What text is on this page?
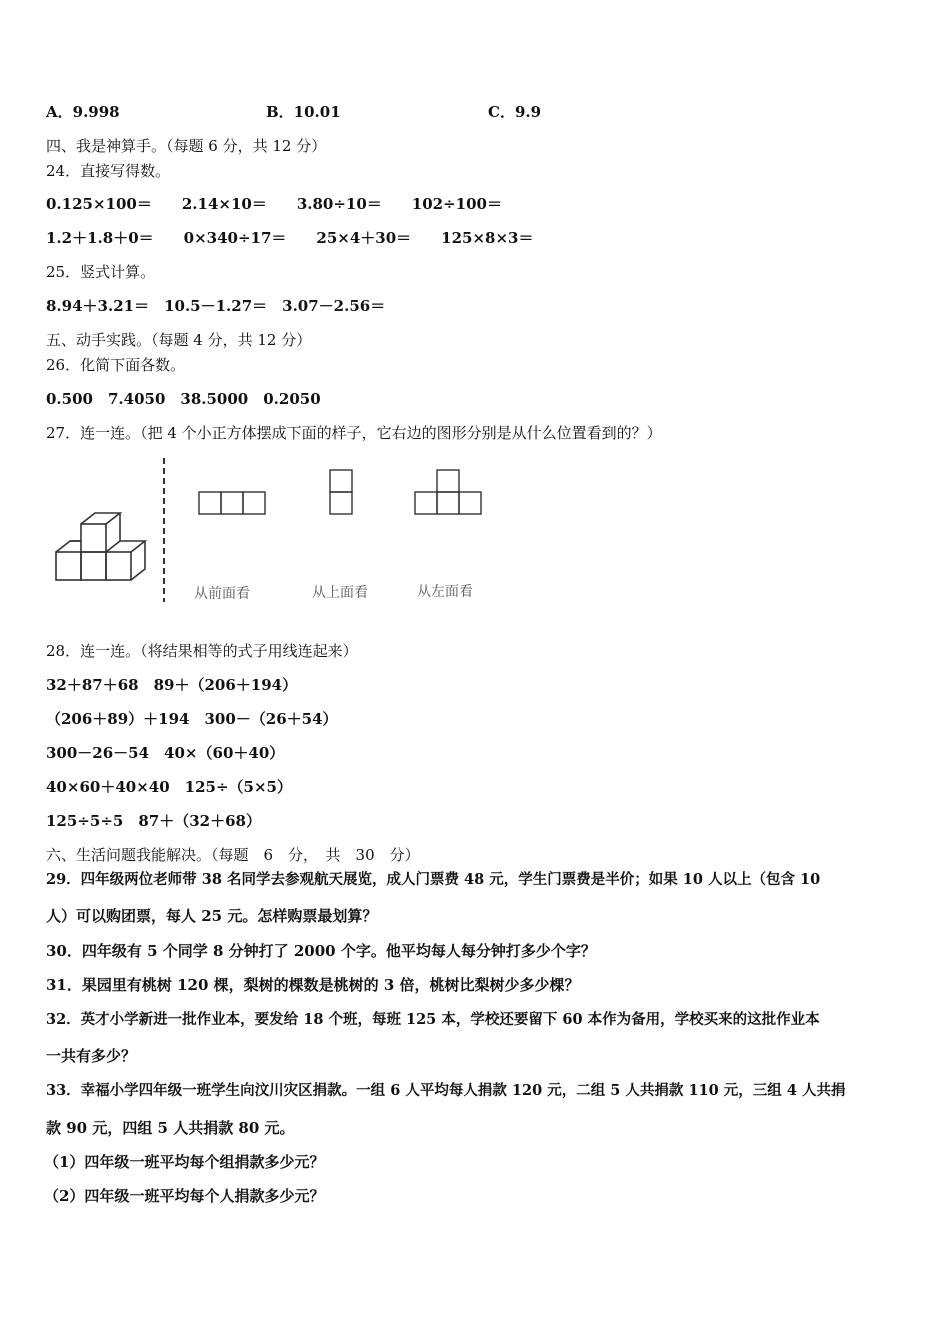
A．9.998	B．10.01	C．9.9
四、我是神算手。（每题 6 分，共 12 分）
24．直接写得数。
0.125×100＝　　2.14×10＝　　3.80÷10＝　　102÷100＝
1.2＋1.8＋0＝　　0×340÷17＝　　25×4＋30＝　　125×8×3＝
25．竖式计算。
8.94＋3.21＝　10.5－1.27＝　3.07－2.56＝
五、动手实践。（每题 4 分，共 12 分）
26．化简下面各数。
0.500　7.4050　38.5000　0.2050
27．连一连。（把 4 个小正方体摆成下面的样子，它右边的图形分别是从什么位置看到的？）
从前面看	从上面看	从左面看
28．连一连。（将结果相等的式子用线连起来）
32＋87＋68　89＋（206＋194）
（206＋89）＋194　300－（26＋54）
300－26－54　40×（60＋40）
40×60＋40×40　125÷（5×5）
125÷5÷5　87＋（32＋68）
六、生活问题我能解决。（每题　6　分，　共　30　分）
29．四年级两位老师带 38 名同学去参观航天展览，成人门票费 48 元，学生门票费是半价；如果 10 人以上（包含 10
人）可以购团票，每人 25 元。怎样购票最划算？
30．四年级有 5 个同学 8 分钟打了 2000 个字。他平均每人每分钟打多少个字？
31．果园里有桃树 120 棵，梨树的棵数是桃树的 3 倍，桃树比梨树少多少棵？
32．英才小学新进一批作业本，要发给 18 个班，每班 125 本，学校还要留下 60 本作为备用，学校买来的这批作业本
一共有多少？
33．幸福小学四年级一班学生向汶川灾区捐款。一组 6 人平均每人捐款 120 元，二组 5 人共捐款 110 元，三组 4 人共捐
款 90 元，四组 5 人共捐款 80 元。
（1）四年级一班平均每个组捐款多少元？
（2）四年级一班平均每个人捐款多少元？
